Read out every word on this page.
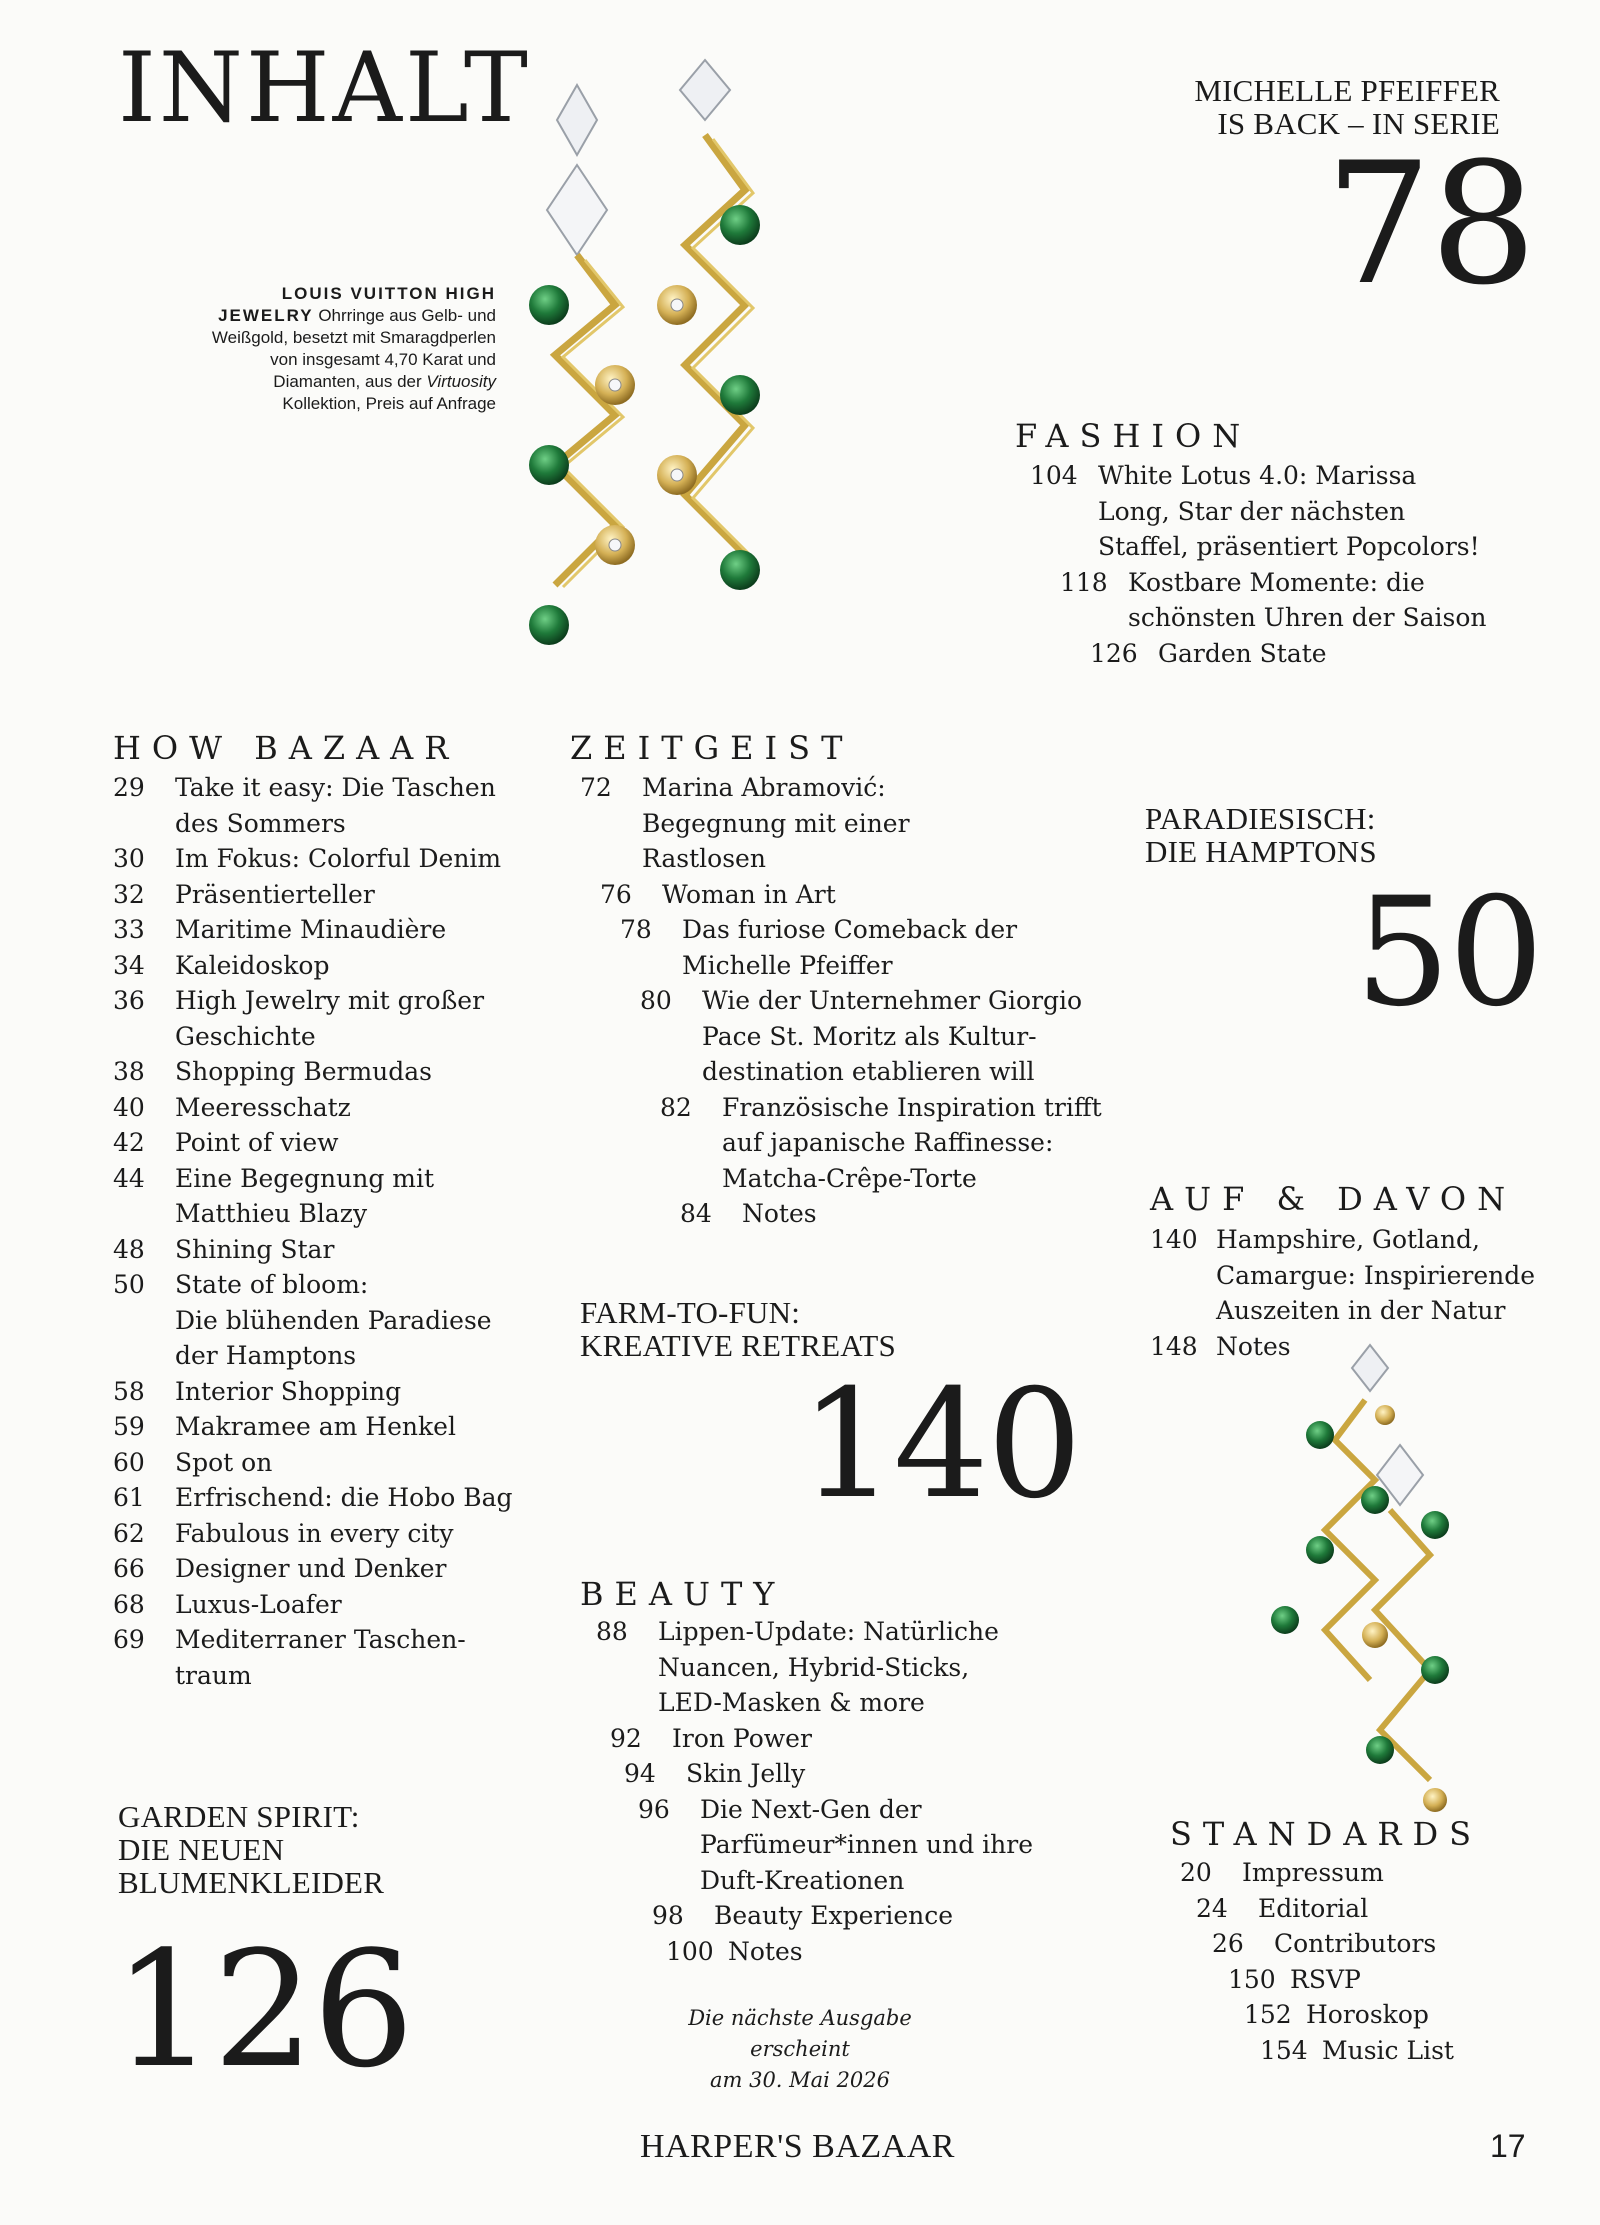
INHALT
LOUIS VUITTON HIGH JEWELRY Ohrringe aus Gelb- und Weißgold, besetzt mit Smaragdperlen von insgesamt 4,70 Karat und Diamanten, aus der Virtuosity Kollektion, Preis auf Anfrage
MICHELLE PFEIFFER
IS BACK – IN SERIE
78
FASHION
104 White Lotus 4.0: Marissa
Long, Star der nächsten
Staffel, präsentiert Popcolors!
118 Kostbare Momente: die
schönsten Uhren der Saison
126 Garden State
HOW BAZAAR
29 Take it easy: Die Taschen
des Sommers
30 Im Fokus: Colorful Denim
32 Präsentierteller
33 Maritime Minaudière
34 Kaleidoskop
36 High Jewelry mit großer
Geschichte
38 Shopping Bermudas
40 Meeresschatz
42 Point of view
44 Eine Begegnung mit
Matthieu Blazy
48 Shining Star
50 State of bloom:
Die blühenden Paradiese
der Hamptons
58 Interior Shopping
59 Makramee am Henkel
60 Spot on
61 Erfrischend: die Hobo Bag
62 Fabulous in every city
66 Designer und Denker
68 Luxus-Loafer
69 Mediterraner Taschen-
traum
ZEITGEIST
72 Marina Abramović:
Begegnung mit einer
Rastlosen
76 Woman in Art
78 Das furiose Comeback der
Michelle Pfeiffer
80 Wie der Unternehmer Giorgio
Pace St. Moritz als Kultur-
destination etablieren will
82 Französische Inspiration trifft
auf japanische Raffinesse:
Matcha-Crêpe-Torte
84 Notes
PARADIESISCH:
DIE HAMPTONS
50
AUF & DAVON
140 Hampshire, Gotland,
Camargue: Inspirierende
Auszeiten in der Natur
148 Notes
FARM-TO-FUN:
KREATIVE RETREATS
140
BEAUTY
88 Lippen-Update: Natürliche
Nuancen, Hybrid-Sticks,
LED-Masken & more
92 Iron Power
94 Skin Jelly
96 Die Next-Gen der
Parfümeur*innen und ihre
Duft-Kreationen
98 Beauty Experience
100 Notes
GARDEN SPIRIT:
DIE NEUEN
BLUMENKLEIDER
126
STANDARDS
20 Impressum
24 Editorial
26 Contributors
150 RSVP
152 Horoskop
154 Music List
Die nächste Ausgabe erscheint
am 30. Mai 2026
HARPER'S BAZAAR	17
